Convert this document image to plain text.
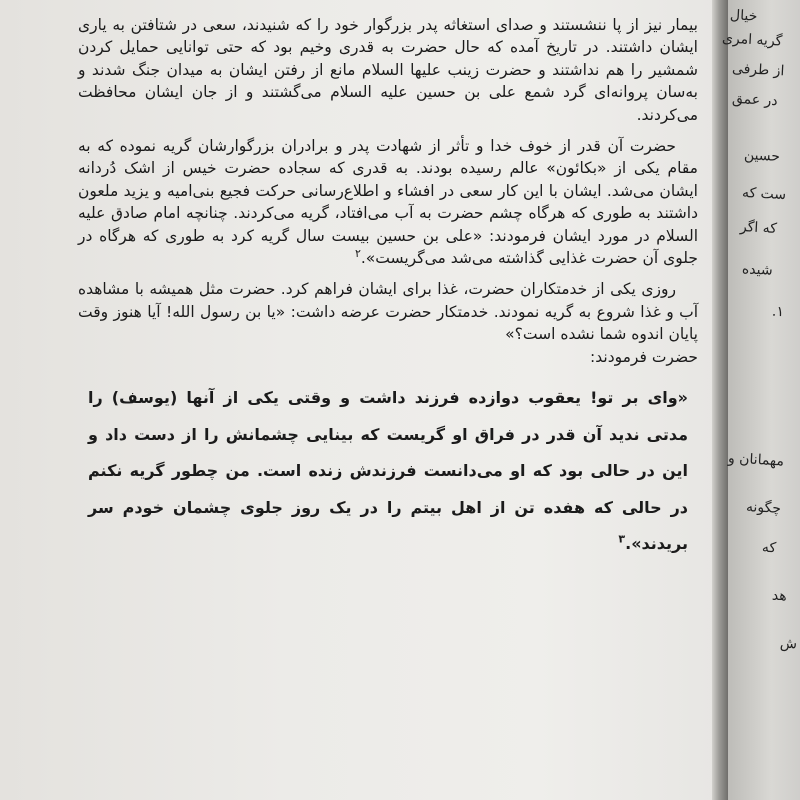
بیمار نیز از پا ننشستند و صدای استغاثه پدر بزرگوار خود را که شنیدند، سعی در شتافتن به یاری ایشان داشتند. در تاریخ آمده که حال حضرت به قدری وخیم بود که حتی توانایی حمایل کردن شمشیر را هم نداشتند و حضرت زینب علیها السلام مانع از رفتن ایشان به میدان جنگ شدند و به‌سان پروانه‌ای گرد شمع علی بن حسین علیه السلام می‌گشتند و از جان ایشان محافظت می‌کردند.

حضرت آن قدر از خوف خدا و تأثر از شهادت پدر و برادران بزرگوارشان گریه نموده که به مقام یکی از «بکائون» عالم رسیده بودند. به قدری که سجاده حضرت خیس از اشک دُردانه ایشان می‌شد. ایشان با این کار سعی در افشاء و اطلاع‌رسانی حرکت فجیع بنی‌امیه و یزید ملعون داشتند به طوری که هرگاه چشم حضرت به آب می‌افتاد، گریه می‌کردند. چنانچه امام صادق علیه السلام در مورد ایشان فرمودند: «علی بن حسین بیست سال گریه کرد به طوری که هرگاه در جلوی آن حضرت غذایی گذاشته می‌شد می‌گریست».$^۲$

روزی یکی از خدمتکاران حضرت، غذا برای ایشان فراهم کرد. حضرت مثل همیشه با مشاهده آب و غذا شروع به گریه نمودند. خدمتکار حضرت عرضه داشت: «یا بن رسول الله! آیا هنوز وقت پایان اندوه شما نشده است؟»

حضرت فرمودند:

«وای بر تو! یعقوب دوازده فرزند داشت و وقتی یکی از آنها (یوسف) را مدتی ندید آن قدر در فراق او گریست که بینایی چشمانش را از دست داد و این در حالی بود که او می‌دانست فرزندش زنده است. من چطور گریه نکنم در حالی که هفده تن از اهل بیتم را در یک روز جلوی چشمان خودم سر بریدند».$^۳$

خیال
گریه امری
از طرفی
در عمق
حسین
ست که
که اگر
شیده
۱.
مهمانان و
چگونه
که
هد
ش
